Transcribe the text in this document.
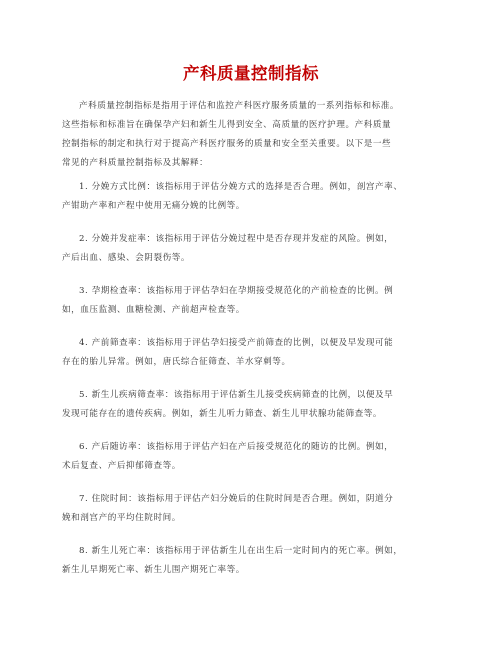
产科质量控制指标
产科质量控制指标是指用于评估和监控产科医疗服务质量的一系列指标和标准。
这些指标和标准旨在确保孕产妇和新生儿得到安全、高质量的医疗护理。产科质量
控制指标的制定和执行对于提高产科医疗服务的质量和安全至关重要。以下是一些
常见的产科质量控制指标及其解释：
1. 分娩方式比例：该指标用于评估分娩方式的选择是否合理。例如，剖宫产率、
产钳助产率和产程中使用无痛分娩的比例等。
2. 分娩并发症率：该指标用于评估分娩过程中是否存现并发症的风险。例如，
产后出血、感染、会阴裂伤等。
3. 孕期检查率：该指标用于评估孕妇在孕期接受规范化的产前检查的比例。例
如，血压监测、血糖检测、产前超声检查等。
4. 产前筛查率：该指标用于评估孕妇接受产前筛查的比例，以便及早发现可能
存在的胎儿异常。例如，唐氏综合征筛查、羊水穿刺等。
5. 新生儿疾病筛查率：该指标用于评估新生儿接受疾病筛查的比例，以便及早
发现可能存在的遗传疾病。例如，新生儿听力筛查、新生儿甲状腺功能筛查等。
6. 产后随访率：该指标用于评估产妇在产后接受规范化的随访的比例。例如，
术后复查、产后抑郁筛查等。
7. 住院时间：该指标用于评估产妇分娩后的住院时间是否合理。例如，阴道分
娩和剖宫产的平均住院时间。
8. 新生儿死亡率：该指标用于评估新生儿在出生后一定时间内的死亡率。例如，
新生儿早期死亡率、新生儿围产期死亡率等。
